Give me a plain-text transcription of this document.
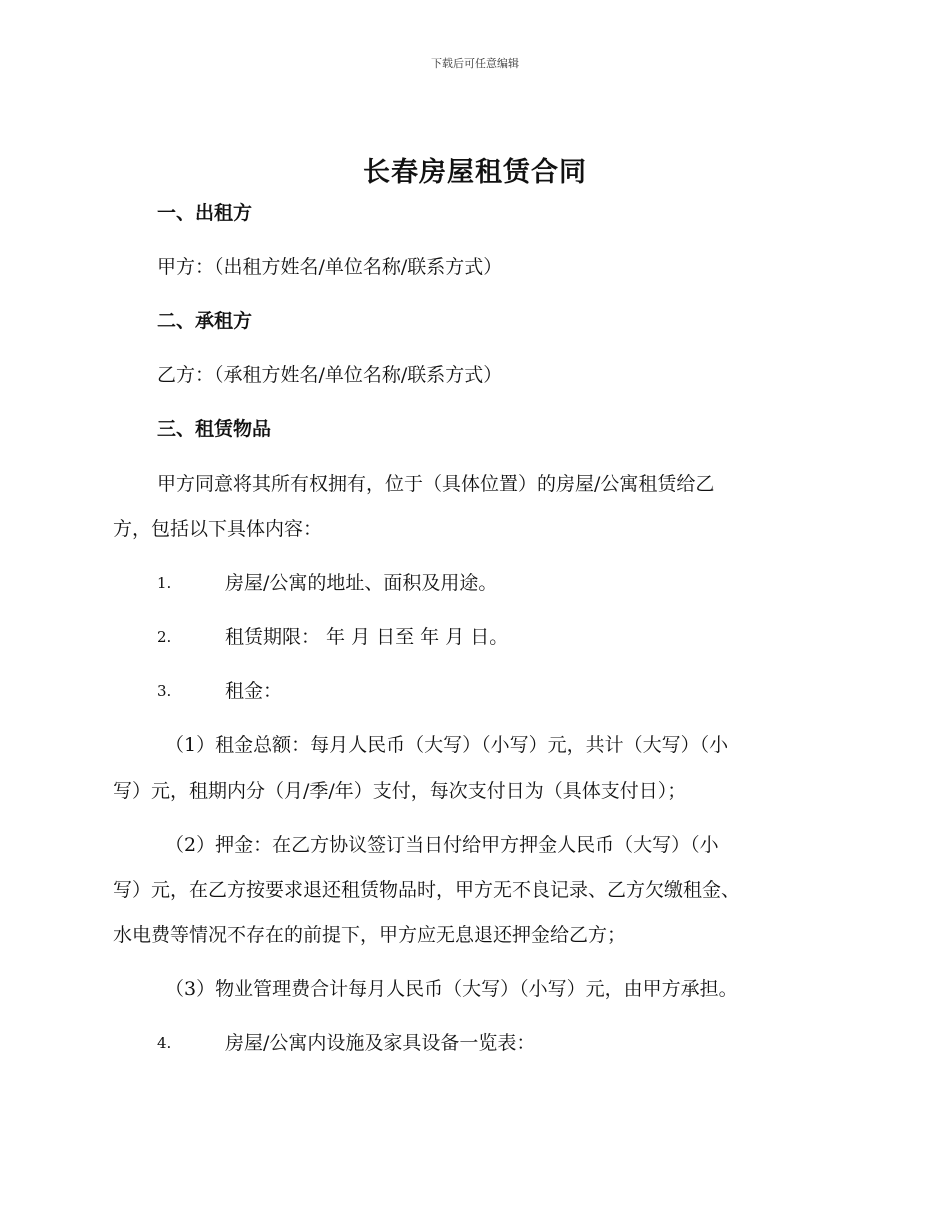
下载后可任意编辑
长春房屋租赁合同
一、出租方
甲方：（出租方姓名/单位名称/联系方式）
二、承租方
乙方：（承租方姓名/单位名称/联系方式）
三、租赁物品
甲方同意将其所有权拥有，位于（具体位置）的房屋/公寓租赁给乙
方，包括以下具体内容：
1.	房屋/公寓的地址、面积及用途。
2.	租赁期限： 年 月 日至 年 月 日。
3.	租金：
（1）租金总额：每月人民币（大写）（小写）元，共计（大写）（小
写）元，租期内分（月/季/年）支付，每次支付日为（具体支付日）；
（2）押金：在乙方协议签订当日付给甲方押金人民币（大写）（小
写）元，在乙方按要求退还租赁物品时，甲方无不良记录、乙方欠缴租金、
水电费等情况不存在的前提下，甲方应无息退还押金给乙方；
（3）物业管理费合计每月人民币（大写）（小写）元，由甲方承担。
4.	房屋/公寓内设施及家具设备一览表：
